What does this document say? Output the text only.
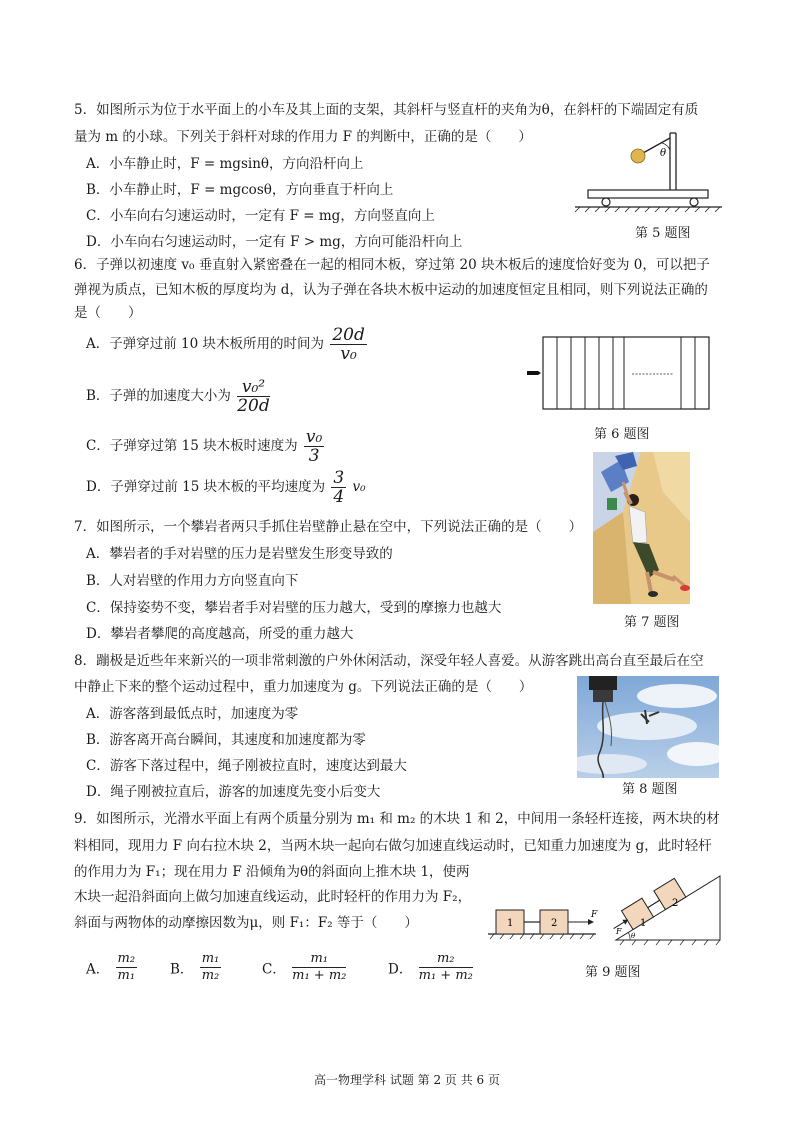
5．如图所示为位于水平面上的小车及其上面的支架，其斜杆与竖直杆的夹角为θ，在斜杆的下端固定有质
量为 m 的小球。下列关于斜杆对球的作用力 F 的判断中，正确的是（　　）
A．小车静止时，F = mgsinθ，方向沿杆向上
B．小车静止时，F = mgcosθ，方向垂直于杆向上
C．小车向右匀速运动时，一定有 F = mg，方向竖直向上
D．小车向右匀速运动时，一定有 F > mg，方向可能沿杆向上
θ
第 5 题图
6．子弹以初速度 v₀ 垂直射入紧密叠在一起的相同木板，穿过第 20 块木板后的速度恰好变为 0，可以把子
弹视为质点，已知木板的厚度均为 d，认为子弹在各块木板中运动的加速度恒定且相同，则下列说法正确的
是（　　）
A．子弹穿过前 10 块木板所用的时间为 $\frac{20d}{\text{v₀}}$
B．子弹的加速度大小为 $\frac{\text{v₀²}}{20d}$
C．子弹穿过第 15 块木板时速度为 $\frac{\text{v₀}}{3}$
D．子弹穿过前 15 块木板的平均速度为 $\frac{3}{4} v_0$
第 6 题图
第 7 题图
7．如图所示，一个攀岩者两只手抓住岩壁静止悬在空中，下列说法正确的是（　　）
A．攀岩者的手对岩壁的压力是岩壁发生形变导致的
B．人对岩壁的作用力方向竖直向下
C．保持姿势不变，攀岩者手对岩壁的压力越大，受到的摩擦力也越大
D．攀岩者攀爬的高度越高，所受的重力越大
8．蹦极是近些年来新兴的一项非常刺激的户外休闲活动，深受年轻人喜爱。从游客跳出高台直至最后在空
中静止下来的整个运动过程中，重力加速度为 g。下列说法正确的是（　　）
A．游客落到最低点时，加速度为零
B．游客离开高台瞬间，其速度和加速度都为零
C．游客下落过程中，绳子刚被拉直时，速度达到最大
D．绳子刚被拉直后，游客的加速度先变小后变大	第 8 题图
9．如图所示，光滑水平面上有两个质量分别为 m₁ 和 m₂ 的木块 1 和 2，中间用一条轻杆连接，两木块的材
料相同，现用力 F 向右拉木块 2，当两木块一起向右做匀加速直线运动时，已知重力加速度为 g，此时轻杆
的作用力为 F₁；现在用力 F 沿倾角为θ的斜面向上推木块 1，使两
木块一起沿斜面向上做匀加速直线运动，此时轻杆的作用力为 F₂，
斜面与两物体的动摩擦因数为μ，则 F₁：F₂ 等于（　　）
A． $\frac{\text{m₂}}{\text{m₁}}$ B． $\frac{\text{m₁}}{\text{m₂}}$	C． $\frac{\text{m₁}}{\text{m₁ + m₂}}$	D． $\frac{\text{m₂}}{\text{m₁ + m₂}}$
1	2
F
1
2
F θ
第 9 题图
高一物理学科 试题 第 2 页 共 6 页
